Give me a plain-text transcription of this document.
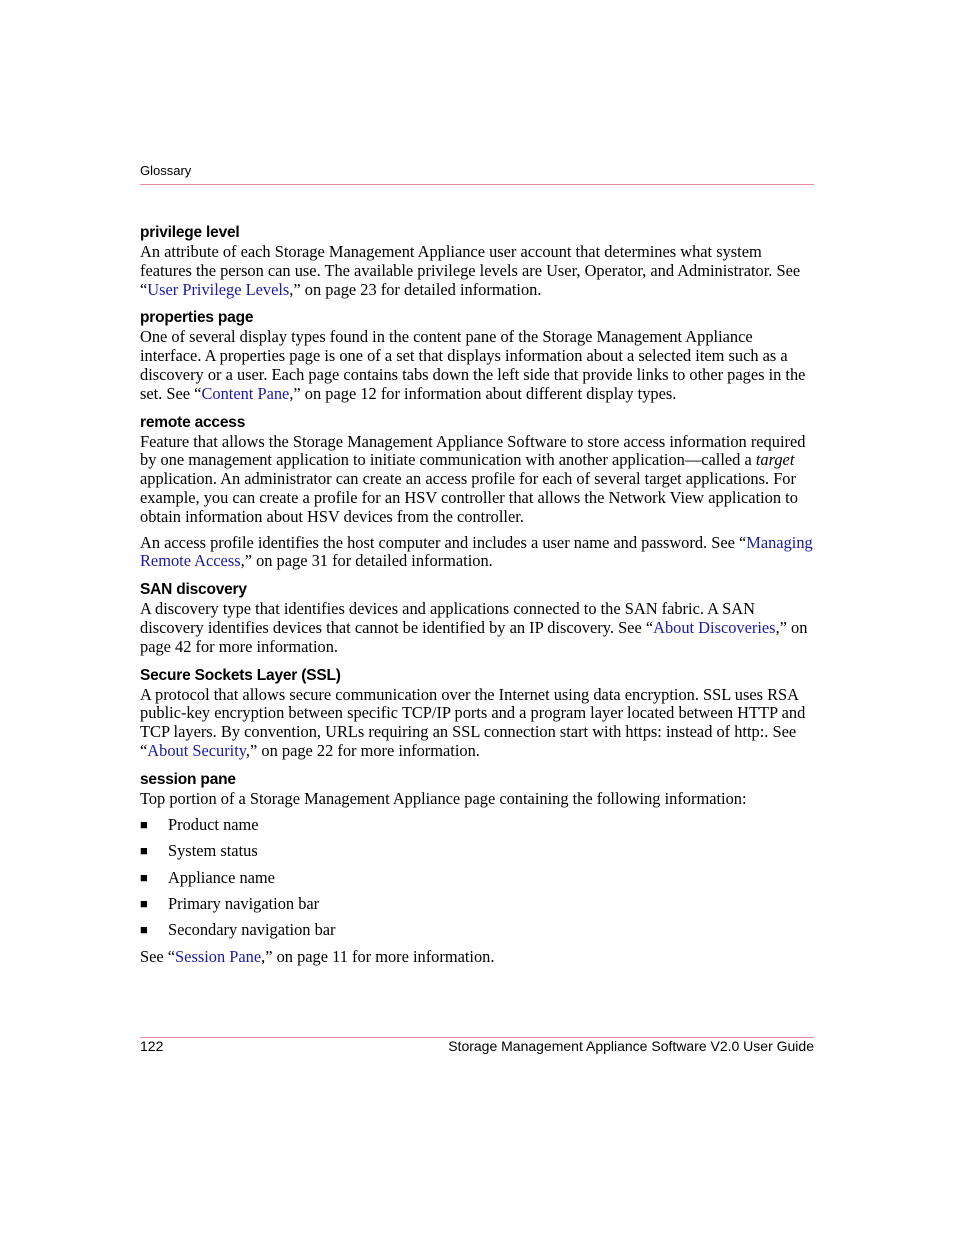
Glossary

privilege level

An attribute of each Storage Management Appliance user account that determines what system features the person can use. The available privilege levels are User, Operator, and Administrator. See “User Privilege Levels,” on page 23 for detailed information.

properties page

One of several display types found in the content pane of the Storage Management Appliance interface. A properties page is one of a set that displays information about a selected item such as a discovery or a user. Each page contains tabs down the left side that provide links to other pages in the set. See “Content Pane,” on page 12 for information about different display types.

remote access

Feature that allows the Storage Management Appliance Software to store access information required by one management application to initiate communication with another application—called a target application. An administrator can create an access profile for each of several target applications. For example, you can create a profile for an HSV controller that allows the Network View application to obtain information about HSV devices from the controller.

An access profile identifies the host computer and includes a user name and password. See “Managing Remote Access,” on page 31 for detailed information.

SAN discovery

A discovery type that identifies devices and applications connected to the SAN fabric. A SAN discovery identifies devices that cannot be identified by an IP discovery. See “About Discoveries,” on page 42 for more information.

Secure Sockets Layer (SSL)

A protocol that allows secure communication over the Internet using data encryption. SSL uses RSA public-key encryption between specific TCP/IP ports and a program layer located between HTTP and TCP layers. By convention, URLs requiring an SSL connection start with https: instead of http:. See “About Security,” on page 22 for more information.

session pane

Top portion of a Storage Management Appliance page containing the following information:

■ Product name
■ System status
■ Appliance name
■ Primary navigation bar
■ Secondary navigation bar

See “Session Pane,” on page 11 for more information.

122	Storage Management Appliance Software V2.0 User Guide
